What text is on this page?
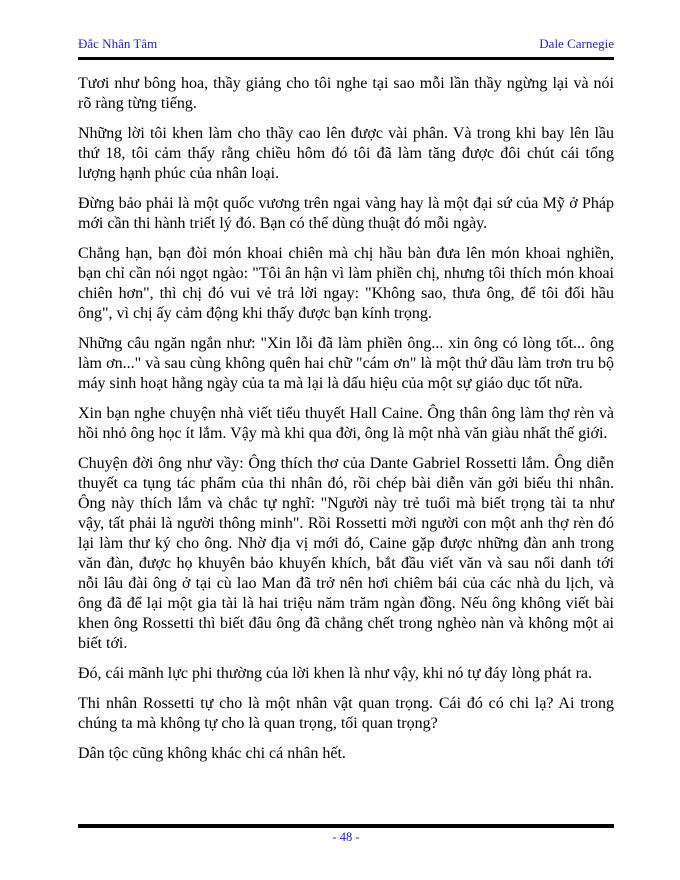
Đắc Nhân Tâm	Dale Carnegie

Tươi như bông hoa, thầy giảng cho tôi nghe tại sao mỗi lần thầy ngừng lại và nói rõ ràng từng tiếng.

Những lời tôi khen làm cho thầy cao lên được vài phân. Và trong khi bay lên lầu thứ 18, tôi cảm thấy rằng chiều hôm đó tôi đã làm tăng được đôi chút cái tổng lượng hạnh phúc của nhân loại.

Đừng bảo phải là một quốc vương trên ngai vàng hay là một đại sứ của Mỹ ở Pháp mới cần thi hành triết lý đó. Bạn có thể dùng thuật đó mỗi ngày.

Chẳng hạn, bạn đòi món khoai chiên mà chị hầu bàn đưa lên món khoai nghiền, bạn chỉ cần nói ngọt ngào: "Tôi ân hận vì làm phiền chị, nhưng tôi thích món khoai chiên hơn", thì chị đó vui vẻ trả lời ngay: "Không sao, thưa ông, để tôi đổi hầu ông", vì chị ấy cảm động khi thấy được bạn kính trọng.

Những câu ngăn ngắn như: "Xin lỗi đã làm phiền ông... xin ông có lòng tốt... ông làm ơn..." và sau cùng không quên hai chữ "cám ơn" là một thứ dầu làm trơn tru bộ máy sinh hoạt hằng ngày của ta mà lại là dấu hiệu của một sự giáo dục tốt nữa.

Xin bạn nghe chuyện nhà viết tiểu thuyết Hall Caine. Ông thân ông làm thợ rèn và hồi nhỏ ông học ít lắm. Vậy mà khi qua đời, ông là một nhà văn giàu nhất thế giới.

Chuyện đời ông như vầy: Ông thích thơ của Dante Gabriel Rossetti lắm. Ông diễn thuyết ca tụng tác phẩm của thi nhân đó, rồi chép bài diễn văn gởi biếu thi nhân. Ông này thích lắm và chắc tự nghĩ: "Người này trẻ tuổi mà biết trọng tài ta như vậy, tất phải là người thông minh". Rồi Rossetti mời người con một anh thợ rèn đó lại làm thư ký cho ông. Nhờ địa vị mới đó, Caine gặp được những đàn anh trong văn đàn, được họ khuyên bảo khuyến khích, bắt đầu viết văn và sau nổi danh tới nỗi lâu đài ông ở tại cù lao Man đã trở nên hơi chiêm bái của các nhà du lịch, và ông đã để lại một gia tài là hai triệu năm trăm ngàn đồng. Nếu ông không viết bài khen ông Rossetti thì biết đâu ông đã chẳng chết trong nghèo nàn và không một ai biết tới.

Đó, cái mãnh lực phi thường của lời khen là như vậy, khi nó tự đáy lòng phát ra.

Thi nhân Rossetti tự cho là một nhân vật quan trọng. Cái đó có chi lạ? Ai trong chúng ta mà không tự cho là quan trọng, tối quan trọng?

Dân tộc cũng không khác chi cá nhân hết.

- 48 -
